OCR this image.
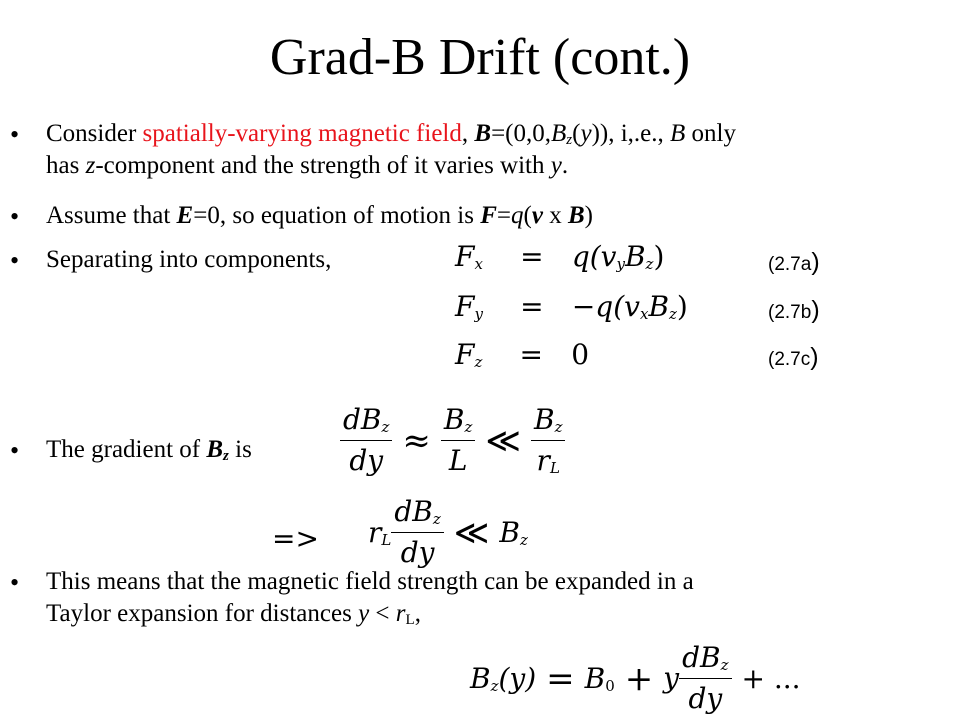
Grad-B Drift (cont.)
• Consider spatially-varying magnetic field, $B=(0,0,B_z(y))$, i,.e., B only
has z-component and the strength of it varies with y.
• Assume that E=0, so equation of motion is F=q(v x B)
• Separating into components,	$F_x = q(v_yB_z)$	(2.7a)
$F_y = -q(v_xB_z)$	(2.7b)
$F_z = 0$	(2.7c)
• The gradient of $B_z$ is	$\frac{dB_z}{dy} \approx \frac{B_z}{L}$ ≪ $\frac{B_z}{r_L}$
=> $r_L \frac{dB_z}{dy}$ ≪ $B_z$
• This means that the magnetic field strength can be expanded in a
Taylor expansion for distances $y < r_L$,
$B_z(y) = B_0 + y \frac{dB_z}{dy}$ + ...
